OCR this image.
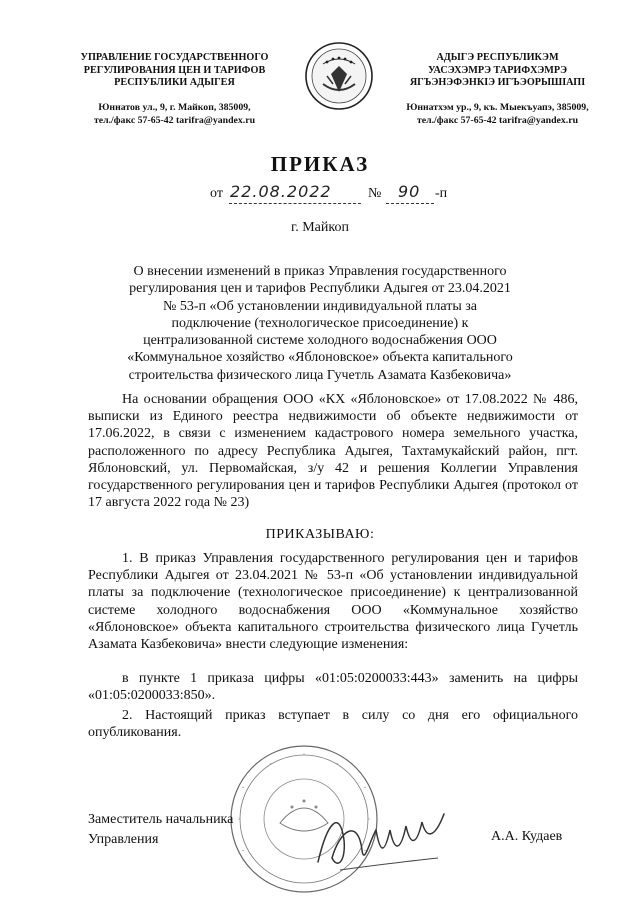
УПРАВЛЕНИЕ ГОСУДАРСТВЕННОГО
РЕГУЛИРОВАНИЯ ЦЕН И ТАРИФОВ
РЕСПУБЛИКИ АДЫГЕЯ
Юннатов ул., 9, г. Майкоп, 385009,
тел./факс 57-65-42 tarifra@yandex.ru
АДЫГЭ РЕСПУБЛИКЭМ
УАСЭХЭМРЭ ТАРИФХЭМРЭ
ЯГЪЭНЭФЭНКІЭ ИГЪЭОРЫШІАПІ
Юннатхэм ур., 9, къ. Мыекъуапэ, 385009,
тел./факс 57-65-42 tarifra@yandex.ru
ПРИКАЗ
от 22.08.2022	№ 90 -п
г. Майкоп
О внесении изменений в приказ Управления государственного
регулирования цен и тарифов Республики Адыгея от 23.04.2021
№ 53-п «Об установлении индивидуальной платы за
подключение (технологическое присоединение) к
централизованной системе холодного водоснабжения ООО
«Коммунальное хозяйство «Яблоновское» объекта капитального
строительства физического лица Гучетль Азамата Казбековича»
На основании обращения ООО «КХ «Яблоновское» от 17.08.2022 № 486, выписки из Единого реестра недвижимости об объекте недвижимости от 17.06.2022, в связи с изменением кадастрового номера земельного участка, расположенного по адресу Республика Адыгея, Тахтамукайский район, пгт. Яблоновский, ул. Первомайская, з/у 42 и решения Коллегии Управления государственного регулирования цен и тарифов Республики Адыгея (протокол от 17 августа 2022 года № 23)
ПРИКАЗЫВАЮ:
1. В приказ Управления государственного регулирования цен и тарифов Республики Адыгея от 23.04.2021 № 53-п «Об установлении индивидуальной платы за подключение (технологическое присоединение) к централизованной системе холодного водоснабжения ООО «Коммунальное хозяйство «Яблоновское» объекта капитального строительства физического лица Гучетль Азамата Казбековича» внести следующие изменения:
в пункте 1 приказа цифры «01:05:0200033:443» заменить на цифры «01:05:0200033:850».
2. Настоящий приказ вступает в силу со дня его официального опубликования.
Заместитель начальника
Управления	А.А. Кудаев
